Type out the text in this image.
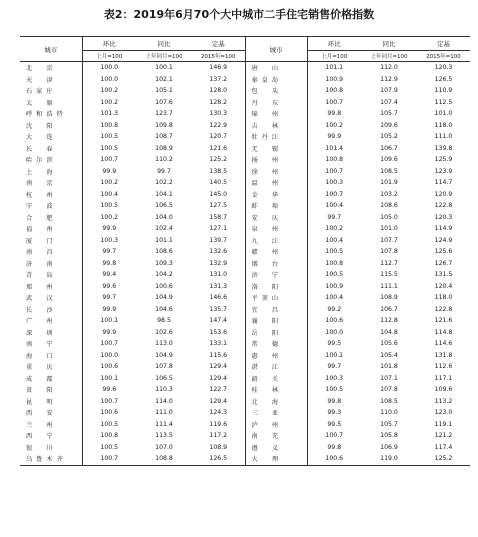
表2：2019年6月70个大中城市二手住宅销售价格指数
城市	环比	同比	定基	城市	环比	同比	定基
	上月=100	上年同月=100	2015年=100		上月=100	上年同月=100	2015年=100
北　京	100.0	100.1	146.9	唐　山	101.1	112.0	120.3
天　津	100.0	102.1	137.2	秦皇岛	100.9	112.9	126.5
石家庄	100.2	105.1	128.0	包　头	100.8	107.9	110.9
太　原	100.2	107.6	128.2	丹　东	100.7	107.4	112.5
呼和浩特	101.3	123.7	130.3	锦　州	99.8	105.7	101.0
沈　阳	100.8	109.8	122.9	吉　林	100.2	109.6	118.0
大　连	100.5	108.7	120.7	牡丹江	99.9	105.2	111.0
长　春	100.5	108.9	121.6	无　锡	101.4	106.7	139.8
哈尔滨	100.7	110.2	125.2	扬　州	100.8	109.6	125.9
上　海	99.9	99.7	138.5	徐　州	100.7	108.5	123.9
南　京	100.2	102.2	140.5	温　州	100.3	101.9	114.7
杭　州	100.4	104.1	145.0	金　华	100.7	103.2	120.9
宁　波	100.5	106.5	127.5	蚌　埠	100.4	108.6	122.8
合　肥	100.2	104.0	158.7	安　庆	99.7	105.0	120.3
福　州	99.9	102.4	127.1	泉　州	100.2	101.0	114.9
厦　门	100.3	101.1	139.7	九　江	100.4	107.7	124.9
南　昌	99.7	108.6	132.6	赣　州	100.5	107.8	125.6
济　南	99.8	109.3	132.9	烟　台	100.8	112.7	126.7
青　岛	99.4	104.2	131.0	济　宁	100.5	115.5	131.5
郑　州	99.6	100.6	131.3	洛　阳	100.9	111.1	120.4
武　汉	99.7	104.9	146.6	平顶山	100.4	108.9	118.0
长　沙	99.9	104.6	135.7	宜　昌	99.2	106.7	122.8
广　州	100.1	98.5	147.4	襄　阳	100.6	112.8	121.6
深　圳	99.9	102.6	153.6	岳　阳	100.0	104.8	114.8
南　宁	100.7	113.0	133.1	常　德	99.5	105.6	114.6
海　口	100.0	104.9	115.6	惠　州	100.1	105.4	131.8
重　庆	100.6	107.8	129.4	湛　江	99.7	101.8	112.6
成　都	100.1	106.5	129.4	韶　关	100.3	107.1	117.1
贵　阳	99.6	110.3	122.7	桂　林	100.5	107.8	109.6
昆　明	100.7	114.0	129.4	北　海	99.8	108.5	113.2
西　安	100.6	111.0	124.3	三　亚	99.3	110.0	123.0
兰　州	100.5	111.4	119.6	泸　州	99.5	105.7	119.1
西　宁	100.8	113.5	117.2	南　充	100.7	105.8	121.2
银　川	100.5	107.0	108.9	遵　义	99.8	106.9	117.4
乌鲁木齐	100.7	108.8	126.5	大　理	100.6	119.0	125.2
